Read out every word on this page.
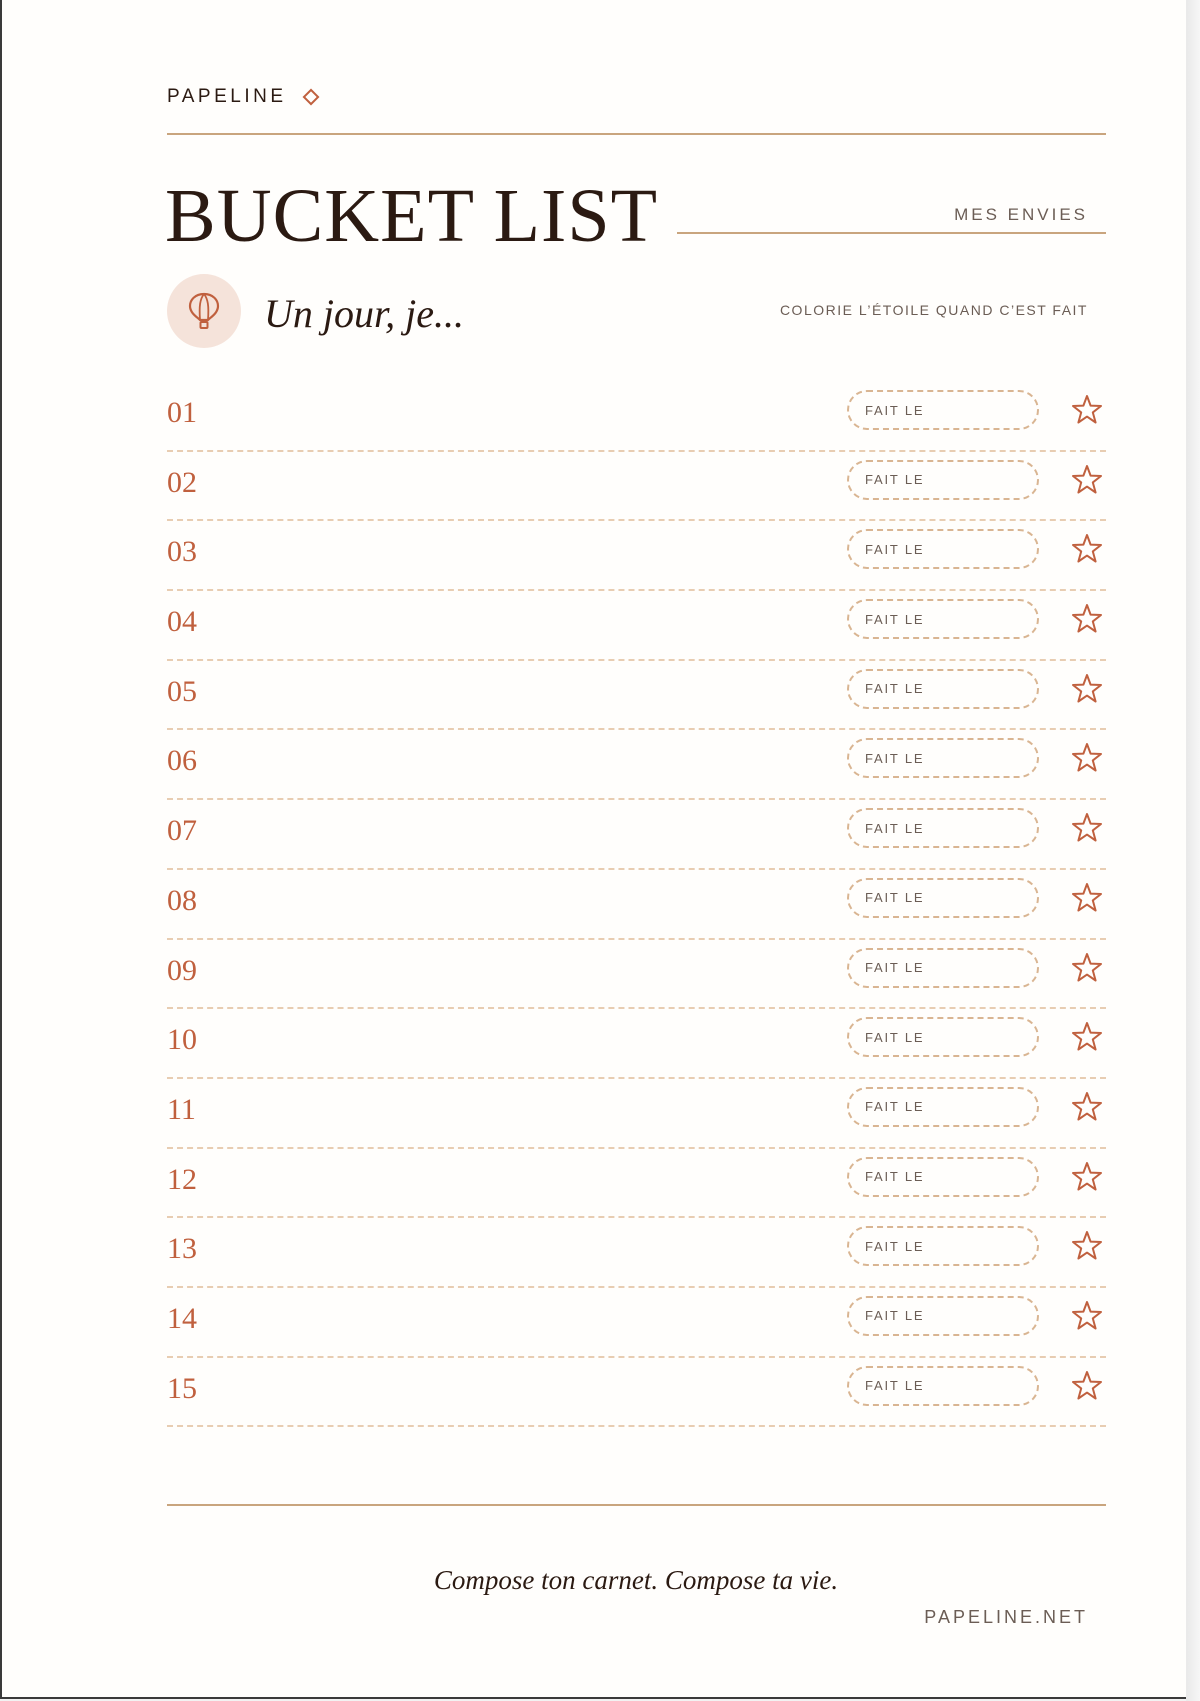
PAPELINE
BUCKET LIST	MES ENVIES
Un jour, je...	COLORIE L’ÉTOILE QUAND C’EST FAIT
01	FAIT LE
02	FAIT LE
03	FAIT LE
04	FAIT LE
05	FAIT LE
06	FAIT LE
07	FAIT LE
08	FAIT LE
09	FAIT LE
10	FAIT LE
11	FAIT LE
12	FAIT LE
13	FAIT LE
14	FAIT LE
15	FAIT LE
Compose ton carnet. Compose ta vie.
PAPELINE.NET
